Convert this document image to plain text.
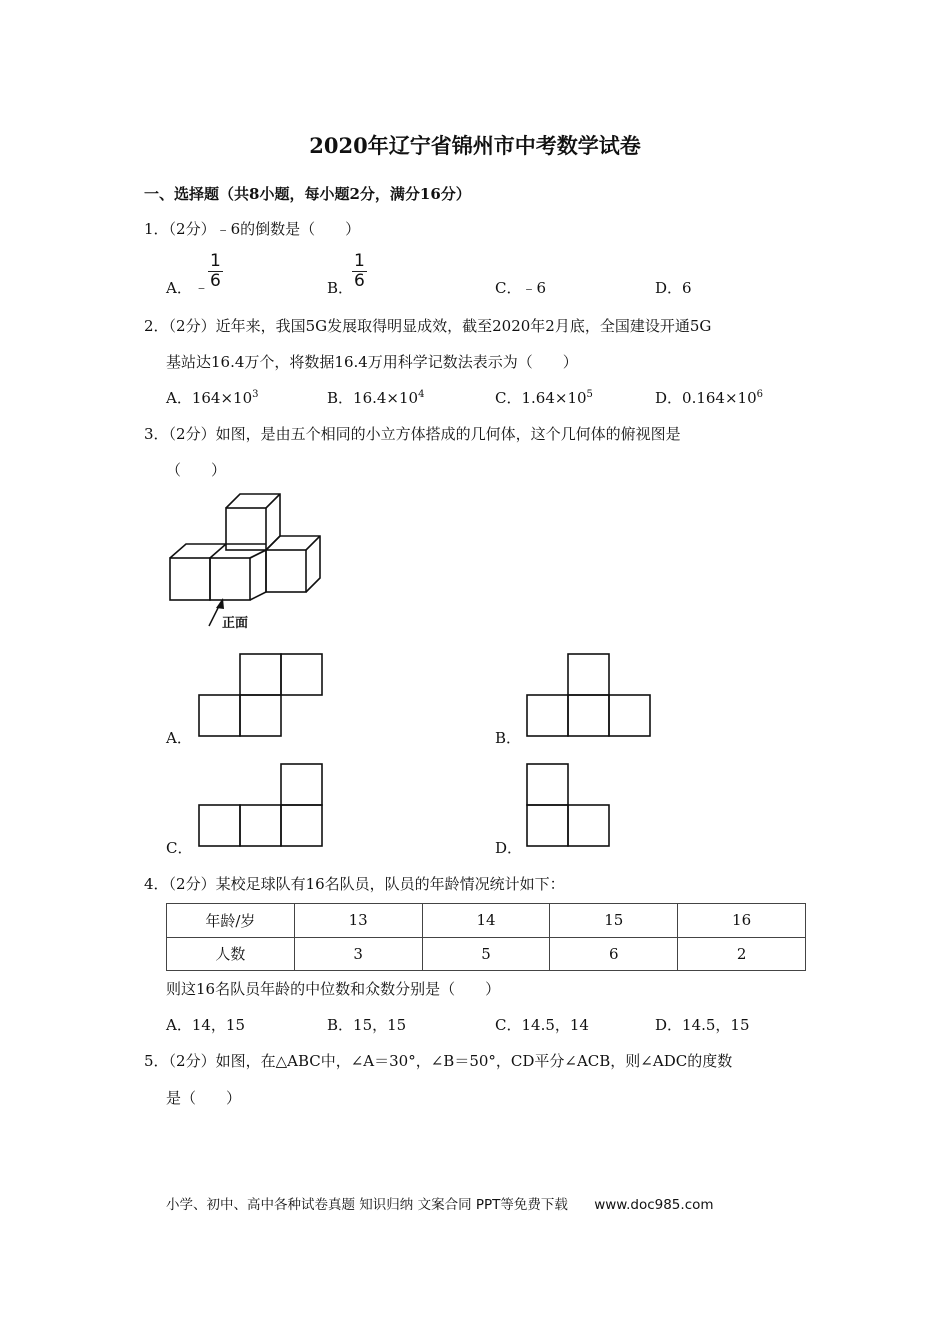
2020年辽宁省锦州市中考数学试卷
一、选择题（共8小题，每小题2分，满分16分）
1．（2分）﹣6的倒数是（　　）
A． ﹣
$\frac{1}{6}$	B．
$\frac{1}{6}$	C．﹣6	D．6
2．（2分）近年来，我国5G发展取得明显成效，截至2020年2月底，全国建设开通5G
基站达16.4万个，将数据16.4万用科学记数法表示为（　　）
A．$164\times 10^3$	B．$16.4\times 10^4$	C．$1.64\times 10^5$	D．$0.164\times 10^6$
3．（2分）如图，是由五个相同的小立方体搭成的几何体，这个几何体的俯视图是
（　　）
正面
A．	B．
C．	D．
4．（2分）某校足球队有16名队员，队员的年龄情况统计如下：
年龄/岁	13	14	15	16
人数	3	5	6	2
则这16名队员年龄的中位数和众数分别是（　　）
A．14，15	B．15，15	C．14.5，14	D．14.5，15
5．（2分）如图，在△ABC中，∠A＝30°，∠B＝50°，CD平分∠ACB，则∠ADC的度数
是（　　）
小学、初中、高中各种试卷真题 知识归纳 文案合同 PPT等免费下载 www.doc985.com
